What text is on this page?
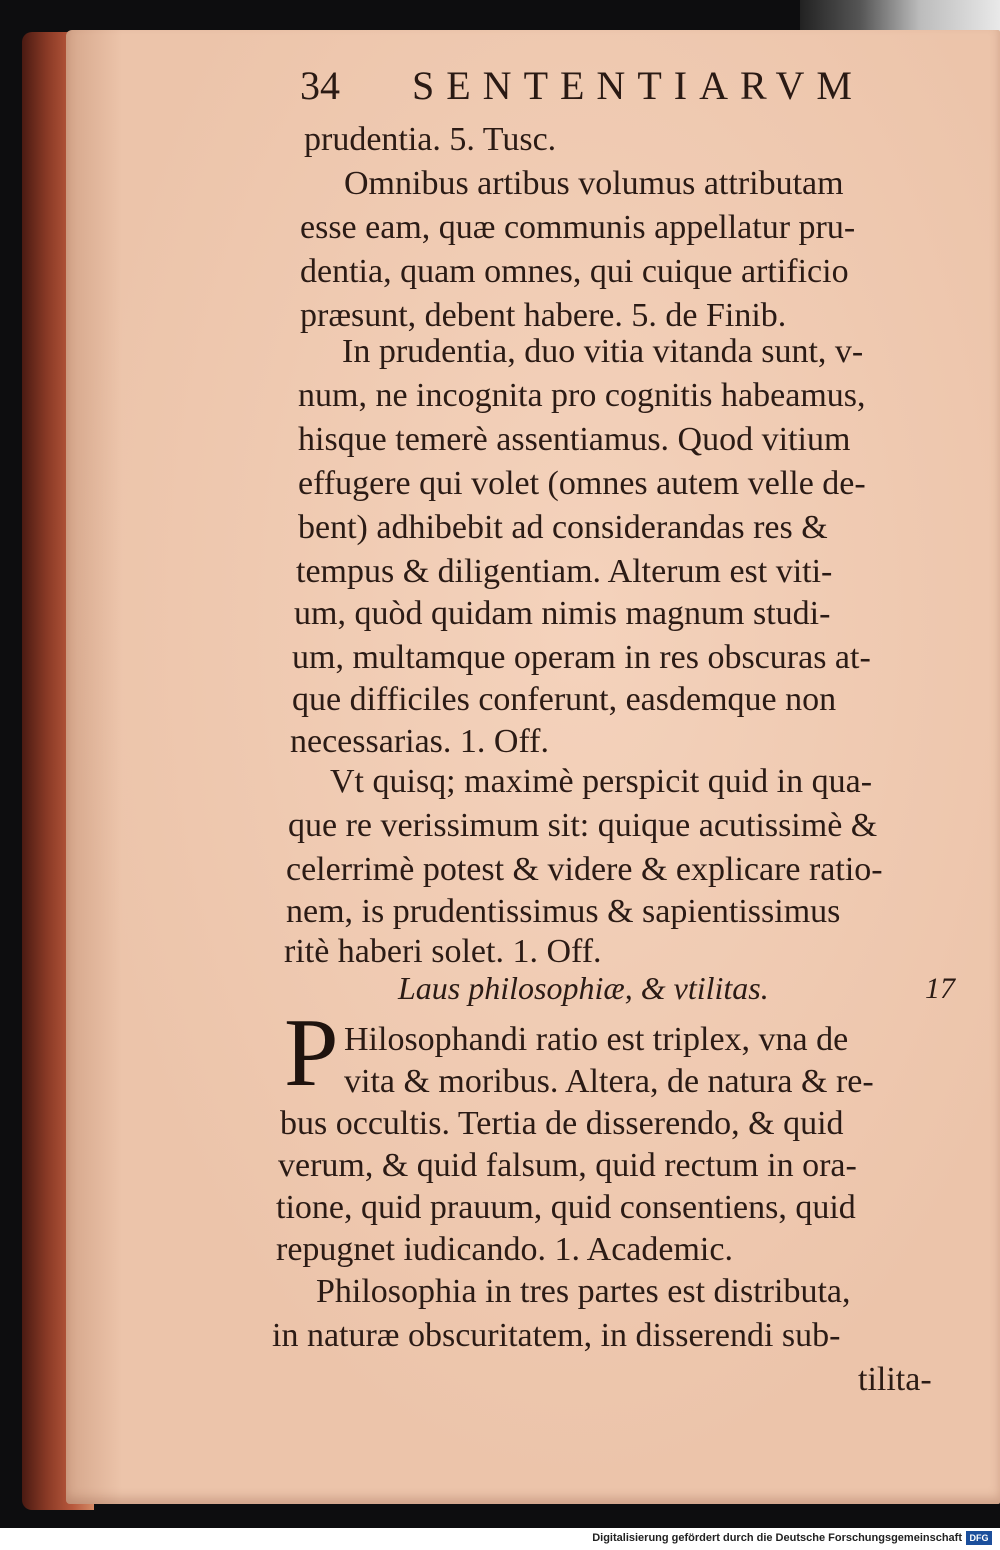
34 SENTENTIARVM
prudentia. 5. Tusc.
Omnibus artibus volumus attributam
esse eam, quæ communis appellatur pru-
dentia, quam omnes, qui cuique artificio
præsunt, debent habere. 5. de Finib.
In prudentia, duo vitia vitanda sunt, v-
num, ne incognita pro cognitis habeamus,
hisque temerè assentiamus. Quod vitium
effugere qui volet (omnes autem velle de-
bent) adhibebit ad considerandas res &
tempus & diligentiam. Alterum est viti-
um, quòd quidam nimis magnum studi-
um, multamque operam in res obscuras at-
que difficiles conferunt, easdemque non
necessarias. 1. Off.
Vt quisq; maximè perspicit quid in qua-
que re verissimum sit: quique acutissimè &
celerrimè potest & videre & explicare ratio-
nem, is prudentissimus & sapientissimus
ritè haberi solet. 1. Off.
Laus philosophiæ, & vtilitas.	17
P Hilosophandi ratio est triplex, vna de
vita & moribus. Altera, de natura & re-
bus occultis. Tertia de disserendo, & quid
verum, & quid falsum, quid rectum in ora-
tione, quid prauum, quid consentiens, quid
repugnet iudicando. 1. Academic.
Philosophia in tres partes est distributa,
in naturæ obscuritatem, in disserendi sub-
tilita-
Digitalisierung gefördert durch die Deutsche Forschungsgemeinschaft DFG
